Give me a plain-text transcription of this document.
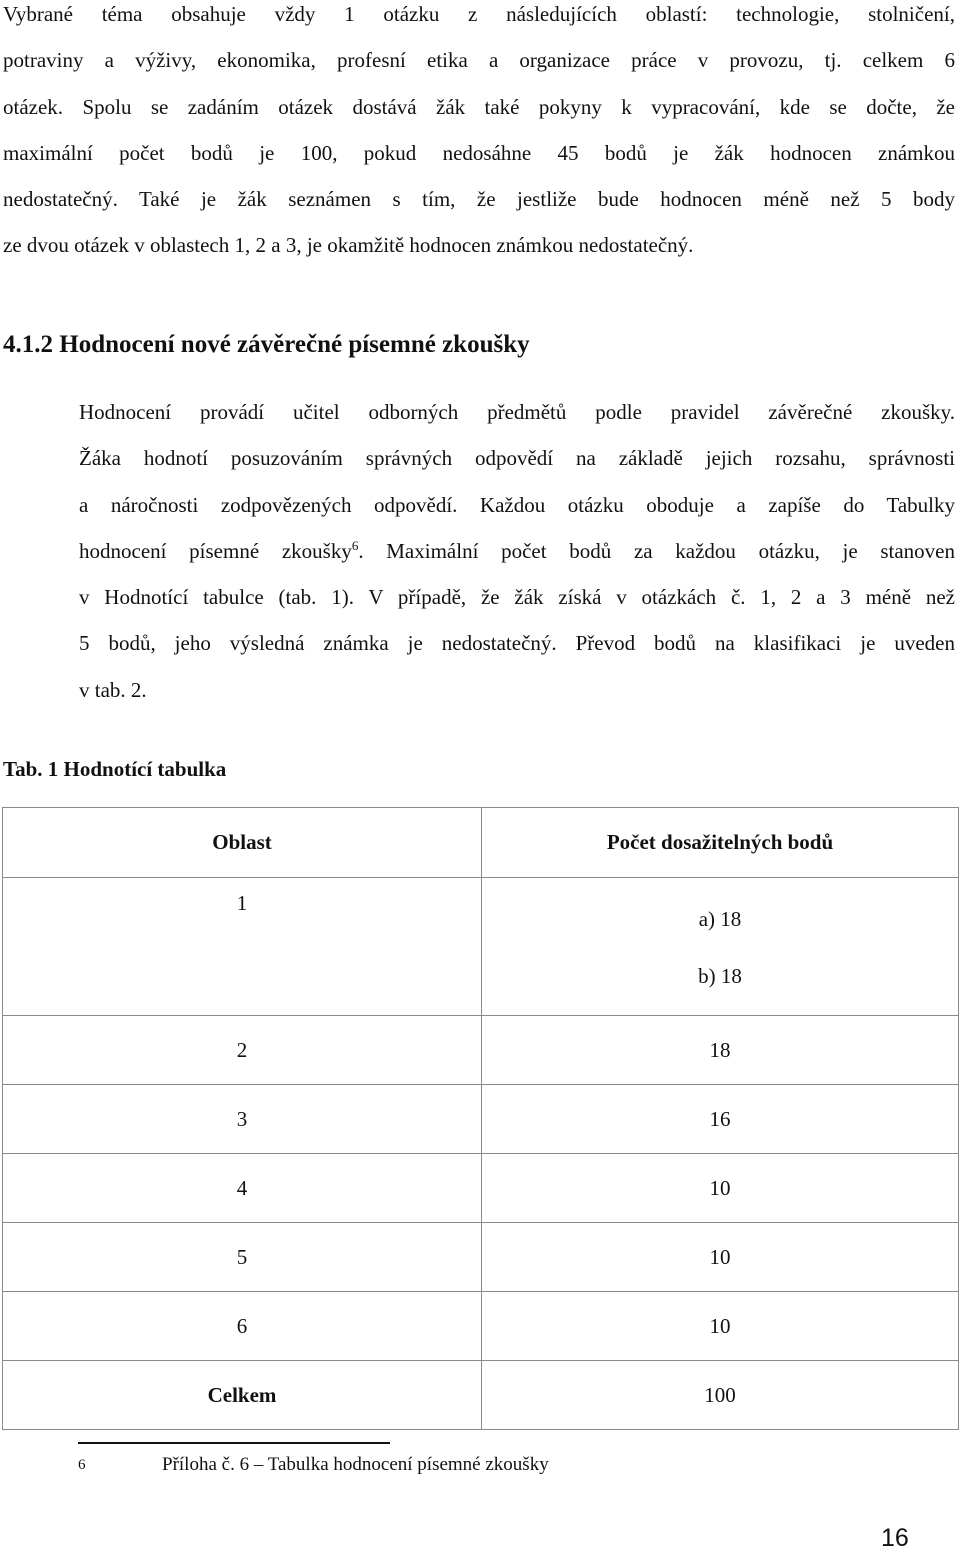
Vybrané téma obsahuje vždy 1 otázku z následujících oblastí: technologie, stolničení,
potraviny a výživy, ekonomika, profesní etika a organizace práce v provozu, tj. celkem 6
otázek. Spolu se zadáním otázek dostává žák také pokyny k vypracování, kde se dočte, že
maximální počet bodů je 100, pokud nedosáhne 45 bodů je žák hodnocen známkou
nedostatečný. Také je žák seznámen s tím, že jestliže bude hodnocen méně než 5 body
ze dvou otázek v oblastech 1, 2 a 3, je okamžitě hodnocen známkou nedostatečný.
4.1.2 Hodnocení nové závěrečné písemné zkoušky
Hodnocení provádí učitel odborných předmětů podle pravidel závěrečné zkoušky.
Žáka hodnotí posuzováním správných odpovědí na základě jejich rozsahu, správnosti
a náročnosti zodpovězených odpovědí. Každou otázku oboduje a zapíše do Tabulky
hodnocení písemné zkoušky$^6$. Maximální počet bodů za každou otázku, je stanoven
v Hodnotící tabulce (tab. 1). V případě, že žák získá v otázkách č. 1, 2 a 3 méně než
5 bodů, jeho výsledná známka je nedostatečný. Převod bodů na klasifikaci je uveden
v tab. 2.

Tab. 1 Hodnotící tabulka

Oblast	Počet dosažitelných bodů
1	a) 18
b) 18

2	18
3	16
4	10
5	10
6	10
Celkem	100

6	Příloha č. 6 – Tabulka hodnocení písemné zkoušky

16
